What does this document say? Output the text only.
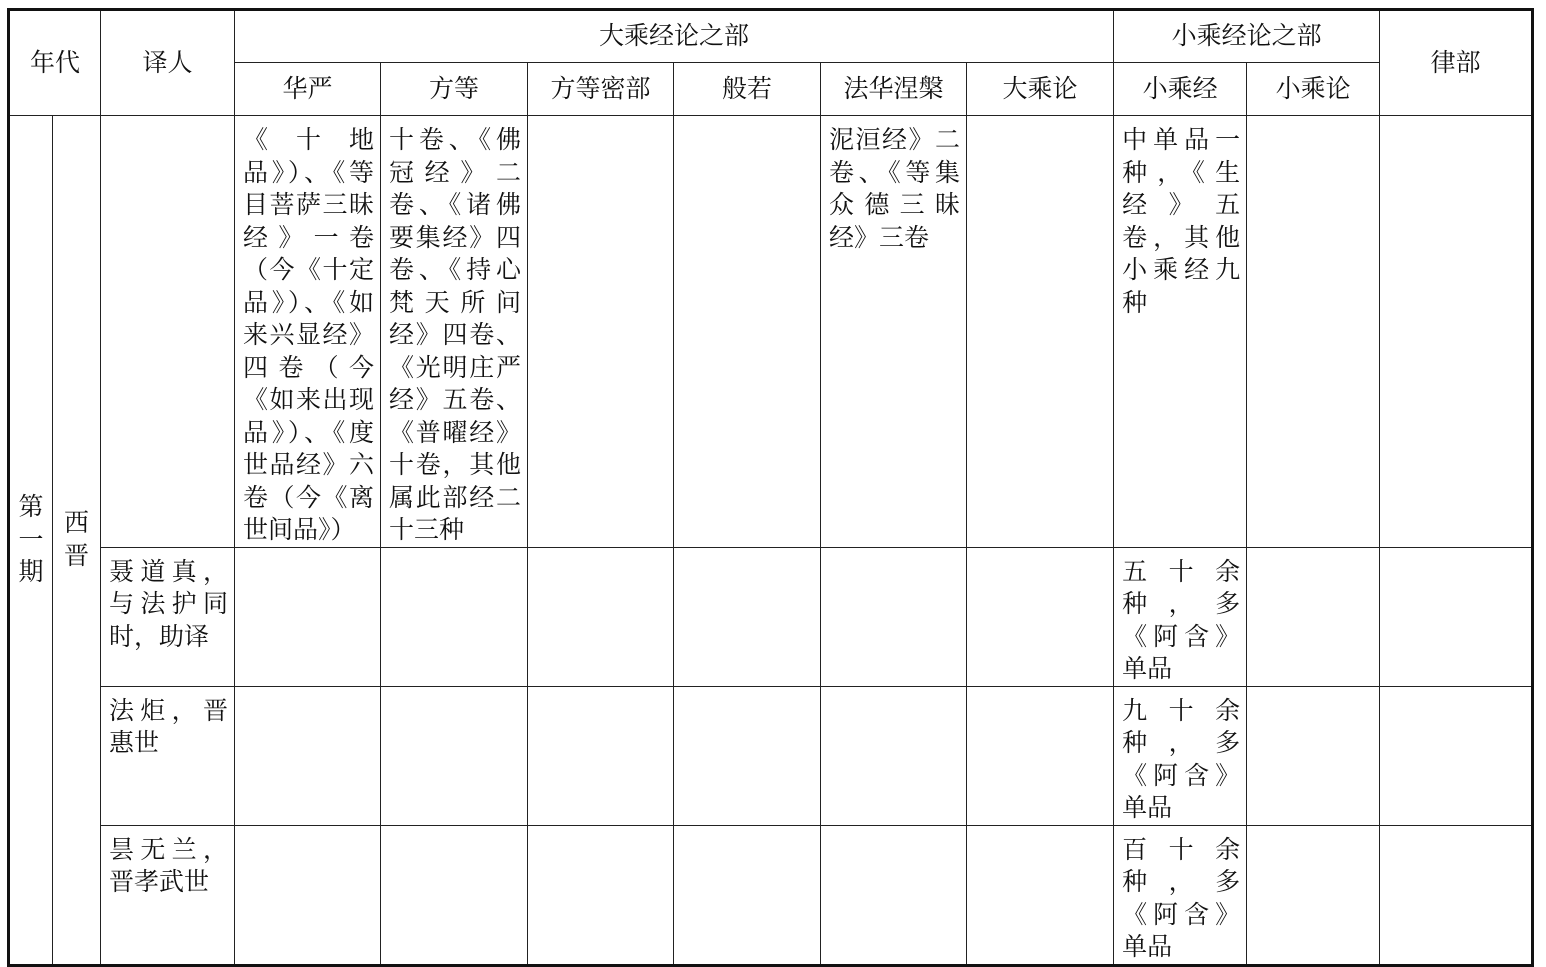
年代		译人	大乘经论之部						小乘经论之部		律部
			华严	方等	方等密部	般若	法华涅槃	大乘论	小乘经	小乘论	
第一期	西晋		《十地品》）、《等目菩萨三昧经》一卷（今《十定品》）、《如来兴显经》四卷（今《如来出现品》）、《度世品经》六卷（今《离世间品》）	十卷、《佛冠经》二卷、《诸佛要集经》四卷、《持心梵天所问经》四卷、《光明庄严经》五卷、《普曜经》十卷，其他属此部经二十三种			泥洹经》二卷、《等集众德三昧经》三卷		中单品一种，《生经》五卷，其他小乘经九种		
		聂道真，与法护同时，助译							五十余种，多《阿含》单品		
		法炬，晋惠世							九十余种，多《阿含》单品		
		昙无兰，晋孝武世							百十余种，多《阿含》单品		
